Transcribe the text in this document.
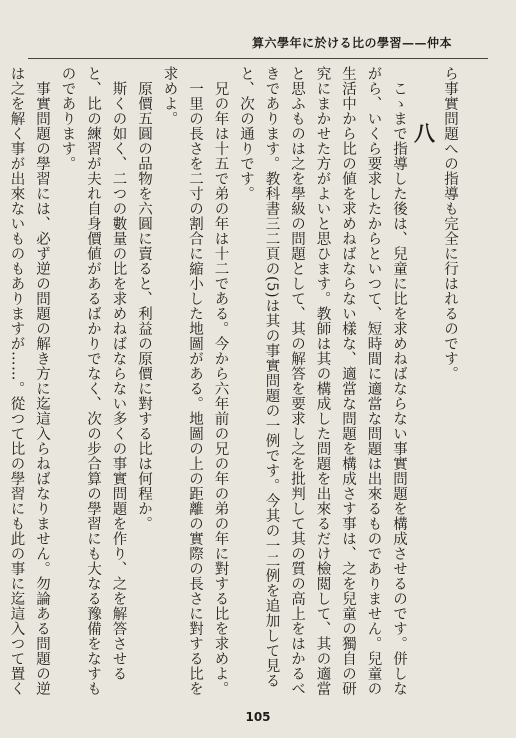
算六學年に於ける比の學習——仲本

ら事實問題への指導も完全に行はれるのです。

八

　こゝまで指導した後は、兒童に比を求めねばならない事實問題を構成させるのです。併しながら、いくら要求したからといつて、短時間に適當な問題は出來るものでありません。兒童の生活中から比の値を求めねばならない樣な、適當な問題を構成さす事は、之を兒童の獨自の研究にまかせた方がよいと思ひます。教師は其の構成した問題を出來るだけ檢閲して、其の適當と思ふものは之を學級の問題として、其の解答を要求し之を批判して其の質の高上をはかるべきであります。教科書三二頁の(5)は其の事實問題の一例です。今其の一二例を追加して見ると、次の通りです。

　兄の年は十五で弟の年は十二である。今から六年前の兄の年の弟の年に對する比を求めよ。

　一里の長さを二寸の割合に縮小した地圖がある。地圖の上の距離の實際の長さに對する比を求めよ。

　原價五圓の品物を六圓に賣ると、利益の原價に對する比は何程か。

　斯くの如く、二つの數量の比を求めねばならない多くの事實問題を作り、之を解答させると、比の練習が夫れ自身價値があるばかりでなく、次の步合算の學習にも大なる豫備をなすものであります。

　事實問題の學習には、必ず逆の問題の解き方に迄這入らねばなりません。勿論ある問題の逆は之を解く事が出來ないものもありますが……。從つて比の學習にも此の事に迄這入つて置く

105
